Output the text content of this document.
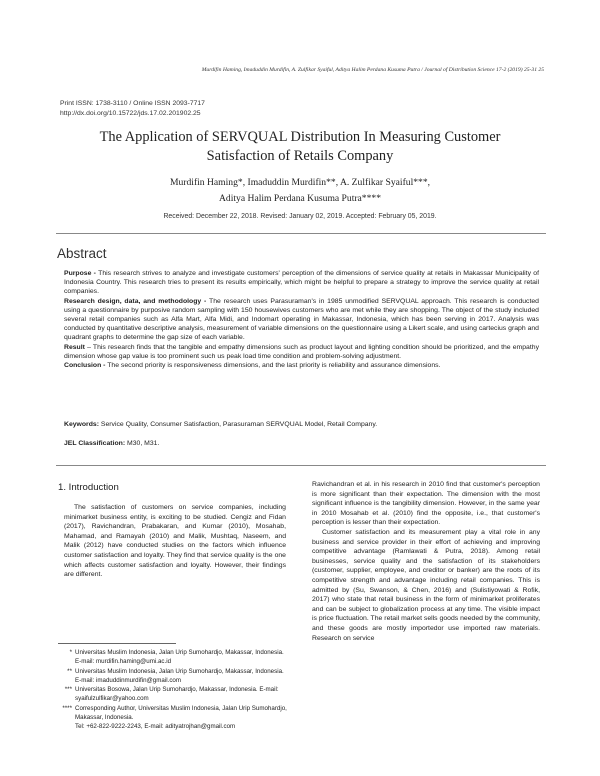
Murdifin Haming, Imaduddin Murdifin, A. Zulfikar Syaiful, Aditya Halim Perdana Kusuma Putra / Journal of Distribution Science 17-2 (2019) 25-31 25
Print ISSN: 1738-3110 / Online ISSN 2093-7717
http://dx.doi.org/10.15722/jds.17.02.201902.25
The Application of SERVQUAL Distribution In Measuring Customer
Satisfaction of Retails Company
Murdifin Haming*, Imaduddin Murdifin**, A. Zulfikar Syaiful***,
Aditya Halim Perdana Kusuma Putra****
Received: December 22, 2018. Revised: January 02, 2019. Accepted: February 05, 2019.
Abstract

Purpose - This research strives to analyze and investigate customers' perception of the dimensions of service quality at retails in Makassar Municipality of Indonesia Country. This research tries to present its results empirically, which might be helpful to prepare a strategy to improve the service quality at retail companies.

Research design, data, and methodology - The research uses Parasuraman's in 1985 unmodified SERVQUAL approach. This research is conducted using a questionnaire by purposive random sampling with 150 housewives customers who are met while they are shopping. The object of the study included several retail companies such as Alfa Mart, Alfa Midi, and Indomart operating in Makassar, Indonesia, which has been serving in 2017. Analysis was conducted by quantitative descriptive analysis, measurement of variable dimensions on the questionnaire using a Likert scale, and using cartecius graph and quadrant graphs to determine the gap size of each variable.

Result – This research finds that the tangible and empathy dimensions such as product layout and lighting condition should be prioritized, and the empathy dimension whose gap value is too prominent such us peak load time condition and problem-solving adjustment.

Conclusion - The second priority is responsiveness dimensions, and the last priority is reliability and assurance dimensions.

Keywords: Service Quality, Consumer Satisfaction, Parasuraman SERVQUAL Model, Retail Company.
JEL Classification: M30, M31.
1. Introduction

The satisfaction of customers on service companies, including minimarket business entity, is exciting to be studied. Cengiz and Fidan (2017), Ravichandran, Prabakaran, and Kumar (2010), Mosahab, Mahamad, and Ramayah (2010) and Malik, Mushtaq, Naseem, and Malik (2012) have conducted studies on the factors which influence customer satisfaction and loyalty. They find that service quality is the one which affects customer satisfaction and loyalty. However, their findings are different.

* Universitas Muslim Indonesia, Jalan Urip Sumohardjo, Makassar, Indonesia. E-mail: murdifin.haming@umi.ac.id
** Universitas Muslim Indonesia, Jalan Urip Sumohardjo, Makassar, Indonesia. E-mail: imaduddinmurdifin@gmail.com
*** Universitas Bosowa, Jalan Urip Sumohardjo, Makassar, Indonesia. E-mail: syaifulzulfikar@yahoo.com
**** Corresponding Author, Universitas Muslim Indonesia, Jalan Urip Sumohardjo, Makassar, Indonesia.
Tel: +62-822-9222-2243, E-mail: adityatrojhan@gmail.com

Ravichandran et al. in his research in 2010 find that customer's perception is more significant than their expectation. The dimension with the most significant influence is the tangibility dimension. However, in the same year in 2010 Mosahab et al. (2010) find the opposite, i.e., that customer's perception is lesser than their expectation.

Customer satisfaction and its measurement play a vital role in any business and service provider in their effort of achieving and improving competitive advantage (Ramlawati & Putra, 2018). Among retail businesses, service quality and the satisfaction of its stakeholders (customer, supplier, employee, and creditor or banker) are the roots of its competitive strength and advantage including retail companies. This is admitted by (Su, Swanson, & Chen, 2016) and (Sulistiyowati & Rofik, 2017) who state that retail business in the form of minimarket proliferates and can be subject to globalization process at any time. The visible impact is price fluctuation. The retail market sells goods needed by the community, and these goods are mostly importedor use imported raw materials. Research on service
